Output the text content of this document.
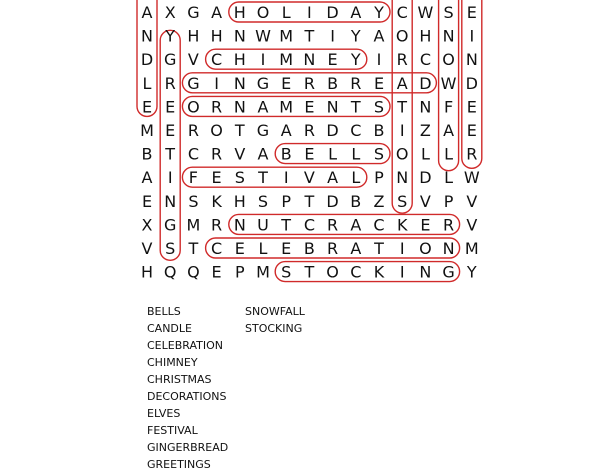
A X G A H O L I D A Y C W S E
N Y H H N W M T I Y A O H N I
D G V C H I M N E Y I R C O N
L R G I N G E R B R E A D W D
E E O R N A M E N T S T N F E
M E R O T G A R D C B I Z A E
B T C R V A B E L L S O L L R
A I F E S T I V A L P N D L W
E N S K H S P T D B Z S V P V
X G M R N U T C R A C K E R V
V S T C E L E B R A T I O N M
H Q Q E P M S T O C K I N G Y
BELLS
CANDLE
CELEBRATION
CHIMNEY
CHRISTMAS
DECORATIONS
ELVES
FESTIVAL
GINGERBREAD
GREETINGS
SNOWFALL
STOCKING
